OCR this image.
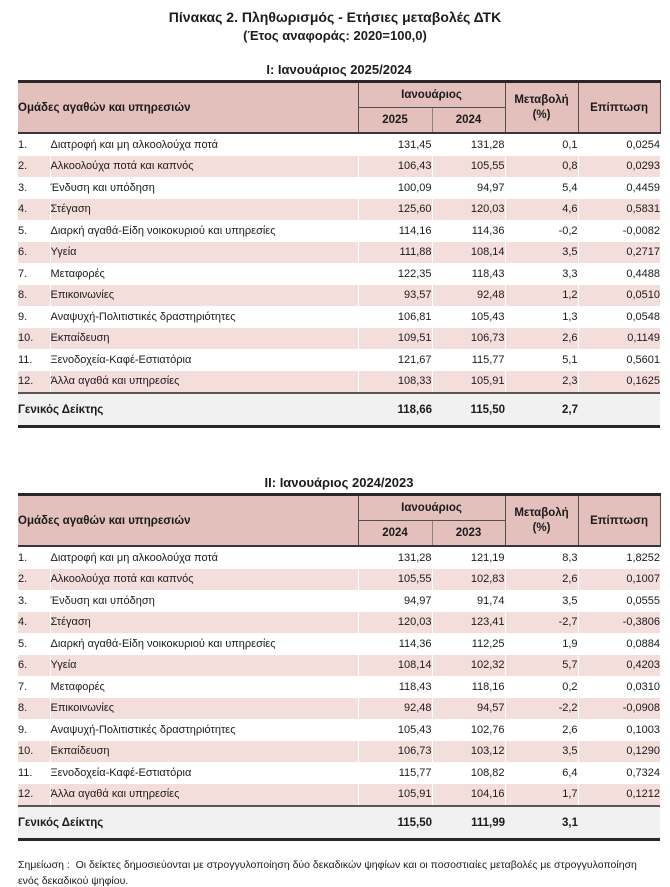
Πίνακας 2. Πληθωρισμός - Ετήσιες μεταβολές ΔΤΚ
(Έτος αναφοράς: 2020=100,0)
I: Ιανουάριος 2025/2024
Ομάδες αγαθών και υπηρεσιών		Ιανουάριος		Μεταβολή
(%)	Επίπτωση
		2025	2024		
1.	Διατροφή και μη αλκοολούχα ποτά	131,45	131,28	0,1	0,0254
2.	Αλκοολούχα ποτά και καπνός	106,43	105,55	0,8	0,0293
3.	Ένδυση και υπόδηση	100,09	94,97	5,4	0,4459
4.	Στέγαση	125,60	120,03	4,6	0,5831
5.	Διαρκή αγαθά-Είδη νοικοκυριού και υπηρεσίες	114,16	114,36	-0,2	-0,0082
6.	Υγεία	111,88	108,14	3,5	0,2717
7.	Μεταφορές	122,35	118,43	3,3	0,4488
8.	Επικοινωνίες	93,57	92,48	1,2	0,0510
9.	Αναψυχή-Πολιτιστικές δραστηριότητες	106,81	105,43	1,3	0,0548
10.	Εκπαίδευση	109,51	106,73	2,6	0,1149
11.	Ξενοδοχεία-Καφέ-Εστιατόρια	121,67	115,77	5,1	0,5601
12.	Άλλα αγαθά και υπηρεσίες	108,33	105,91	2,3	0,1625
Γενικός Δείκτης		118,66	115,50	2,7	
II: Ιανουάριος 2024/2023
Ομάδες αγαθών και υπηρεσιών		Ιανουάριος		Μεταβολή
(%)	Επίπτωση
		2024	2023		
1.	Διατροφή και μη αλκοολούχα ποτά	131,28	121,19	8,3	1,8252
2.	Αλκοολούχα ποτά και καπνός	105,55	102,83	2,6	0,1007
3.	Ένδυση και υπόδηση	94,97	91,74	3,5	0,0555
4.	Στέγαση	120,03	123,41	-2,7	-0,3806
5.	Διαρκή αγαθά-Είδη νοικοκυριού και υπηρεσίες	114,36	112,25	1,9	0,0884
6.	Υγεία	108,14	102,32	5,7	0,4203
7.	Μεταφορές	118,43	118,16	0,2	0,0310
8.	Επικοινωνίες	92,48	94,57	-2,2	-0,0908
9.	Αναψυχή-Πολιτιστικές δραστηριότητες	105,43	102,76	2,6	0,1003
10.	Εκπαίδευση	106,73	103,12	3,5	0,1290
11.	Ξενοδοχεία-Καφέ-Εστιατόρια	115,77	108,82	6,4	0,7324
12.	Άλλα αγαθά και υπηρεσίες	105,91	104,16	1,7	0,1212
Γενικός Δείκτης		115,50	111,99	3,1	
Σημείωση :  Οι δείκτες δημοσιεύονται με στρογγυλοποίηση δύο δεκαδικών ψηφίων και οι ποσοστιαίες μεταβολές με στρογγυλοποίηση ενός δεκαδικού ψηφίου.
